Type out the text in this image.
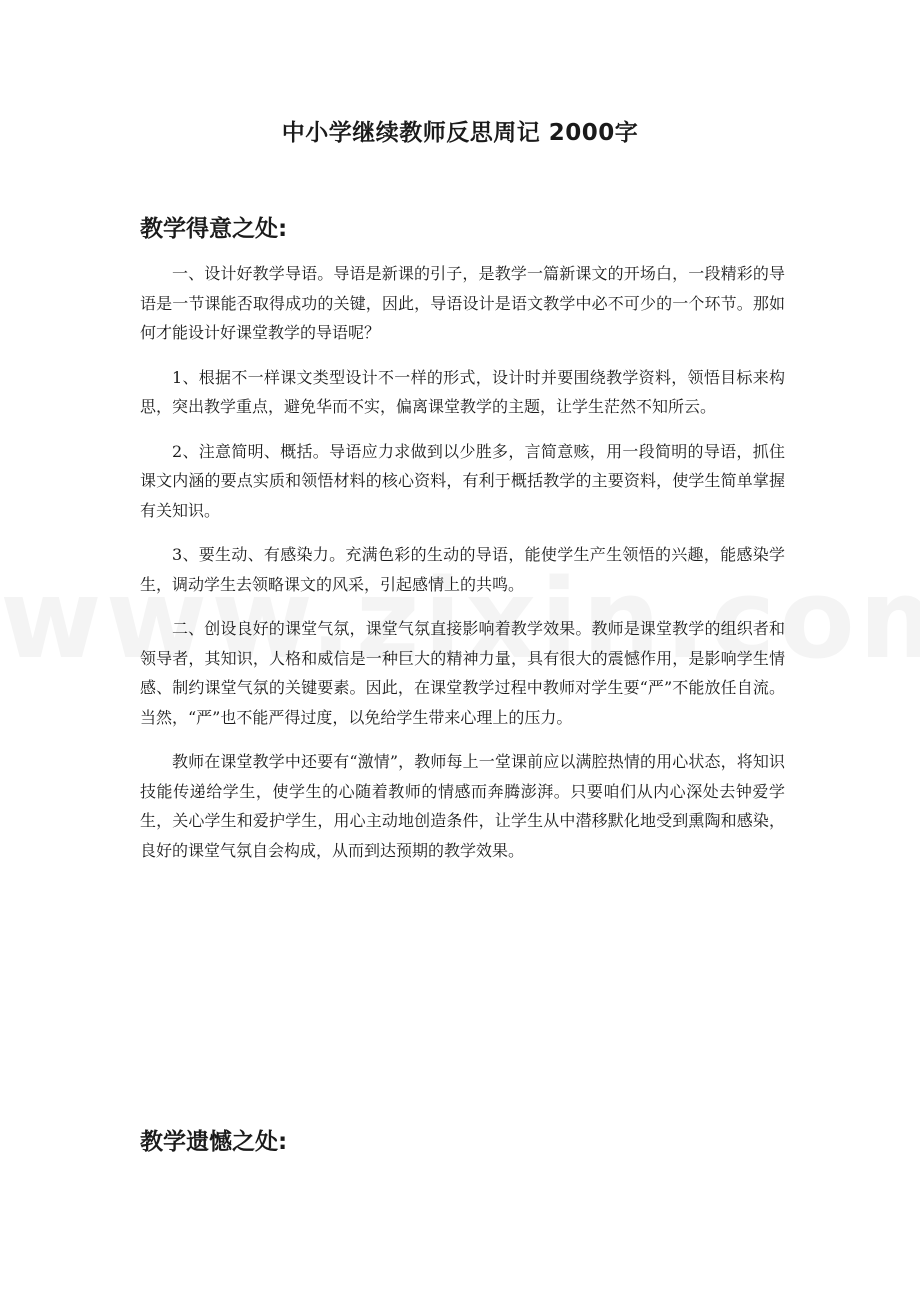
中小学继续教师反思周记 2000字
教学得意之处:

一、设计好教学导语。导语是新课的引子，是教学一篇新课文的开场白，一段精彩的导语是一节课能否取得成功的关键，因此，导语设计是语文教学中必不可少的一个环节。那如何才能设计好课堂教学的导语呢？

1、根据不一样课文类型设计不一样的形式，设计时并要围绕教学资料，领悟目标来构思，突出教学重点，避免华而不实，偏离课堂教学的主题，让学生茫然不知所云。

2、注意简明、概括。导语应力求做到以少胜多，言简意赅，用一段简明的导语，抓住课文内涵的要点实质和领悟材料的核心资料，有利于概括教学的主要资料，使学生简单掌握有关知识。

3、要生动、有感染力。充满色彩的生动的导语，能使学生产生领悟的兴趣，能感染学生，调动学生去领略课文的风采，引起感情上的共鸣。

二、创设良好的课堂气氛，课堂气氛直接影响着教学效果。教师是课堂教学的组织者和领导者，其知识，人格和威信是一种巨大的精神力量，具有很大的震憾作用，是影响学生情感、制约课堂气氛的关键要素。因此，在课堂教学过程中教师对学生要“严”不能放任自流。当然，“严”也不能严得过度，以免给学生带来心理上的压力。

教师在课堂教学中还要有“激情”，教师每上一堂课前应以满腔热情的用心状态，将知识技能传递给学生，使学生的心随着教师的情感而奔腾澎湃。只要咱们从内心深处去钟爱学生，关心学生和爱护学生，用心主动地创造条件，让学生从中潜移默化地受到熏陶和感染，良好的课堂气氛自会构成，从而到达预期的教学效果。

教学遗憾之处:
